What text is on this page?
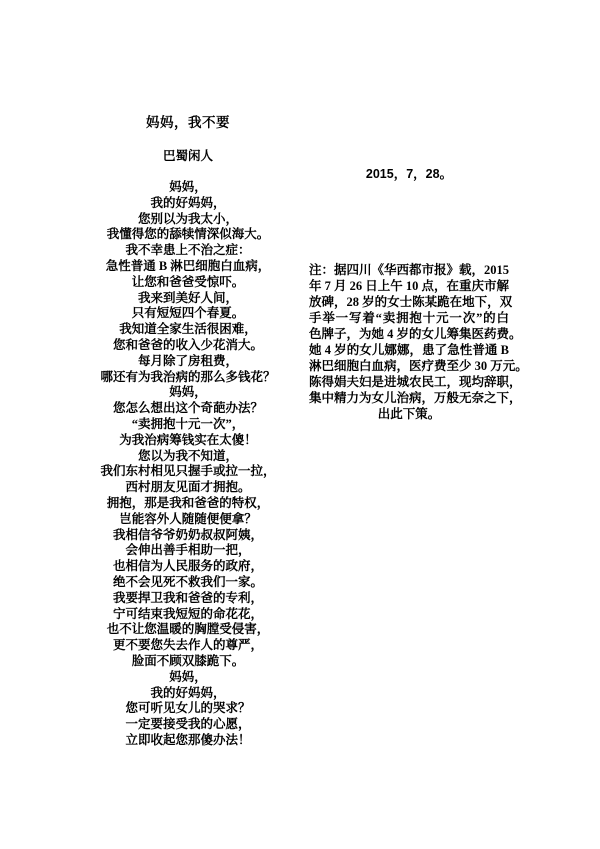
妈妈，我不要
巴蜀闲人
妈妈，
我的好妈妈，
您别以为我太小，
我懂得您的舔犊情深似海大。
我不幸患上不治之症：
急性普通 B 淋巴细胞白血病，
让您和爸爸受惊吓。
我来到美好人间，
只有短短四个春夏。
我知道全家生活很困难，
您和爸爸的收入少花消大。
每月除了房租费，
哪还有为我治病的那么多钱花？
妈妈，
您怎么想出这个奇葩办法？
“卖拥抱十元一次”，
为我治病筹钱实在太傻！
您以为我不知道，
我们东村相见只握手或拉一拉，
西村朋友见面才拥抱。
拥抱，那是我和爸爸的特权，
岂能容外人随随便便拿？
我相信爷爷奶奶叔叔阿姨，
会伸出善手相助一把，
也相信为人民服务的政府，
绝不会见死不救我们一家。
我要捍卫我和爸爸的专利，
宁可结束我短短的命花花，
也不让您温暖的胸膛受侵害，
更不要您失去作人的尊严，
脸面不顾双膝跪下。
妈妈，
我的好妈妈，
您可听见女儿的哭求？
一定要接受我的心愿，
立即收起您那傻办法！
2015，7，28。
注：据四川《华西都市报》载，2015
年 7 月 26 日上午 10 点，在重庆市解
放碑，28 岁的女士陈某跪在地下，双
手举一写着“卖拥抱十元一次”的白
色牌子，为她 4 岁的女儿筹集医药费。
她 4 岁的女儿娜娜，患了急性普通 B
淋巴细胞白血病，医疗费至少 30 万元。
陈得娟夫妇是进城农民工，现均辞职，
集中精力为女儿治病，万般无奈之下，
出此下策。
